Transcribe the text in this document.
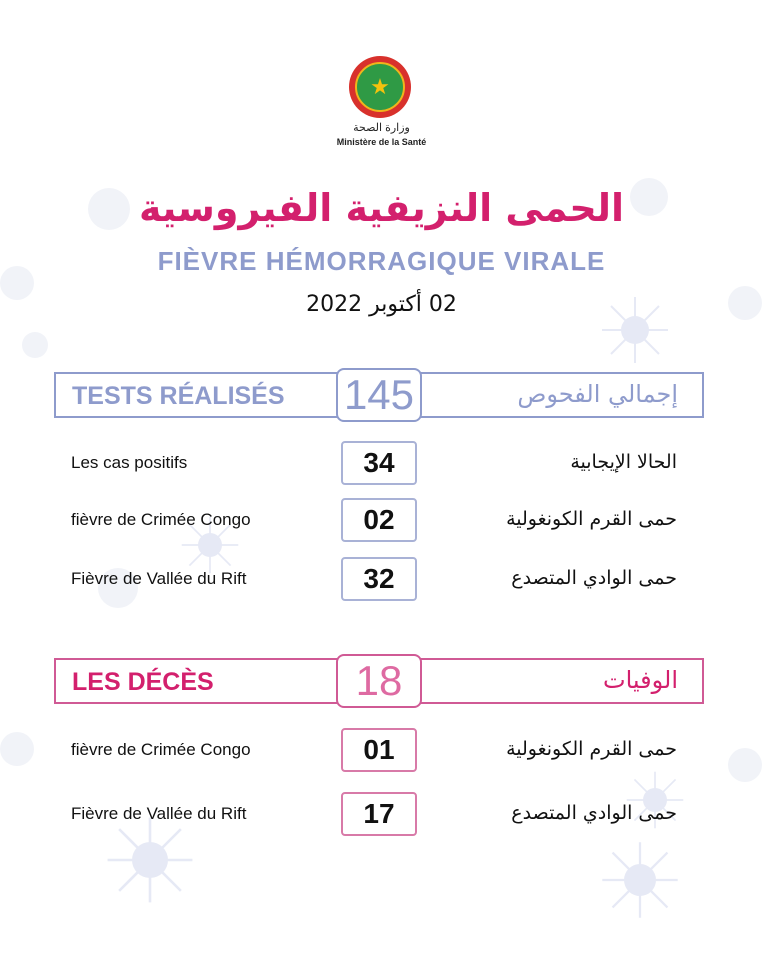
★
وزارة الصحة
Ministère de la Santé
الحمى النزيفية الفيروسية
FIÈVRE HÉMORRAGIQUE VIRALE
02 أكتوبر 2022
TESTS RÉALISÉS 145	إجمالي الفحوص
Les cas positifs	34	الحالا الإيجابية
fièvre de Crimée Congo	02	حمى القرم الكونغولية
Fièvre de Vallée du Rift	32	حمى الوادي المتصدع
LES DÉCÈS	18	الوفيات
fièvre de Crimée Congo	01	حمى القرم الكونغولية
Fièvre de Vallée du Rift	17	حمى الوادي المتصدع
